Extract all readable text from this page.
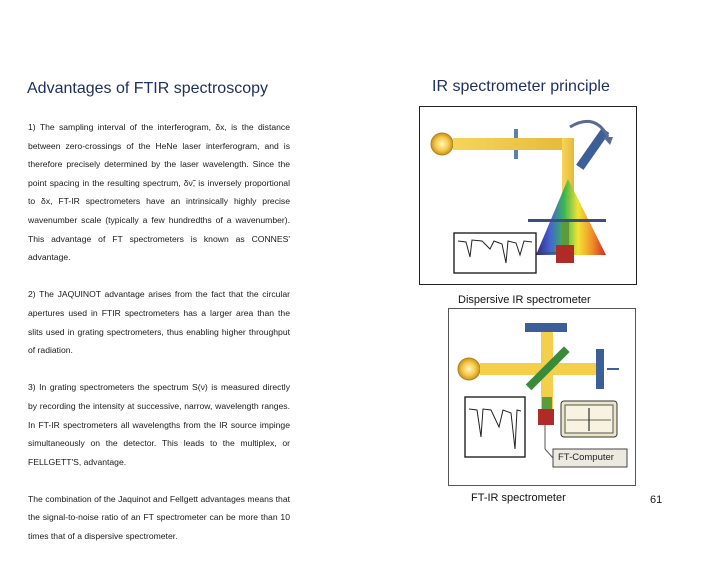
Advantages of FTIR spectroscopy	IR spectrometer principle

1) The sampling interval of the interferogram, δx, is the distance between zero-crossings of the HeNe laser interferogram, and is therefore precisely determined by the laser wavelength. Since the point spacing in the resulting spectrum, δν̃, is inversely proportional to δx, FT-IR spectrometers have an intrinsically highly precise wavenumber scale (typically a few hundredths of a wavenumber). This advantage of FT spectrometers is known as CONNES' advantage.

2) The JAQUINOT advantage arises from the fact that the circular apertures used in FTIR spectrometers has a larger area than the slits used in grating spectrometers, thus enabling higher throughput of radiation.

3) In grating spectrometers the spectrum S(ν) is measured directly by recording the intensity at successive, narrow, wavelength ranges. In FT-IR spectrometers all wavelengths from the IR source impinge simultaneously on the detector. This leads to the multiplex, or FELLGETT'S, advantage.

The combination of the Jaquinot and Fellgett advantages means that the signal-to-noise ratio of an FT spectrometer can be more than 10 times that of a dispersive spectrometer.

Dispersive IR spectrometer
FT-Computer
FT-IR spectrometer	61
